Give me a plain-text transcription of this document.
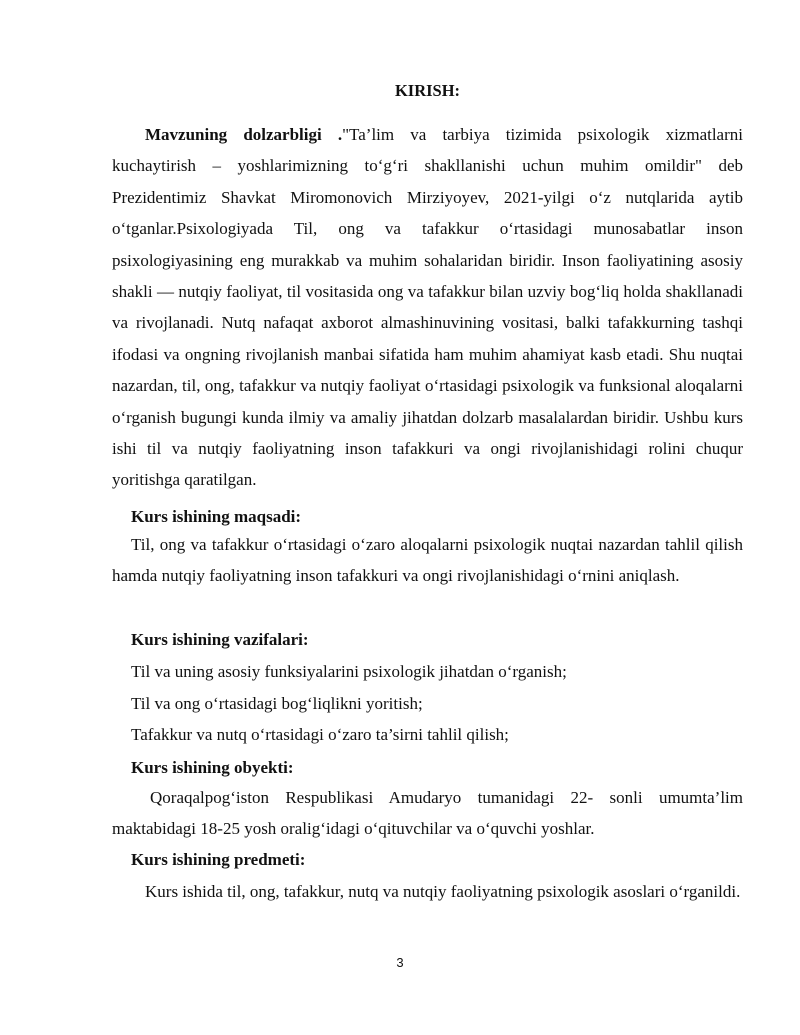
KIRISH:

Mavzuning dolzarbligi ."Ta’lim va tarbiya tizimida psixologik xizmatlarni kuchaytirish – yoshlarimizning to‘g‘ri shakllanishi uchun muhim omildir" deb Prezidentimiz Shavkat Miromonovich Mirziyoyev, 2021-yilgi o‘z nutqlarida aytib o‘tganlar.Psixologiyada Til, ong va tafakkur o‘rtasidagi munosabatlar inson psixologiyasining eng murakkab va muhim sohalaridan biridir. Inson faoliyatining asosiy shakli — nutqiy faoliyat, til vositasida ong va tafakkur bilan uzviy bog‘liq holda shakllanadi va rivojlanadi. Nutq nafaqat axborot almashinuvining vositasi, balki tafakkurning tashqi ifodasi va ongning rivojlanish manbai sifatida ham muhim ahamiyat kasb etadi. Shu nuqtai nazardan, til, ong, tafakkur va nutqiy faoliyat o‘rtasidagi psixologik va funksional aloqalarni o‘rganish bugungi kunda ilmiy va amaliy jihatdan dolzarb masalalardan biridir. Ushbu kurs ishi til va nutqiy faoliyatning inson tafakkuri va ongi rivojlanishidagi rolini chuqur yoritishga qaratilgan.

Kurs ishining maqsadi:

Til, ong va tafakkur o‘rtasidagi o‘zaro aloqalarni psixologik nuqtai nazardan tahlil qilish hamda nutqiy faoliyatning inson tafakkuri va ongi rivojlanishidagi o‘rnini aniqlash.

Kurs ishining vazifalari:
Til va uning asosiy funksiyalarini psixologik jihatdan o‘rganish;
Til va ong o‘rtasidagi bog‘liqlikni yoritish;
Tafakkur va nutq o‘rtasidagi o‘zaro ta’sirni tahlil qilish;
Kurs ishining obyekti:

Qoraqalpog‘iston Respublikasi Amudaryo tumanidagi 22- sonli umumta’lim maktabidagi 18-25 yosh oralig‘idagi o‘qituvchilar va o‘quvchi yoshlar.

Kurs ishining predmeti:

Kurs ishida til, ong, tafakkur, nutq va nutqiy faoliyatning psixologik asoslari o‘rganildi.

3
